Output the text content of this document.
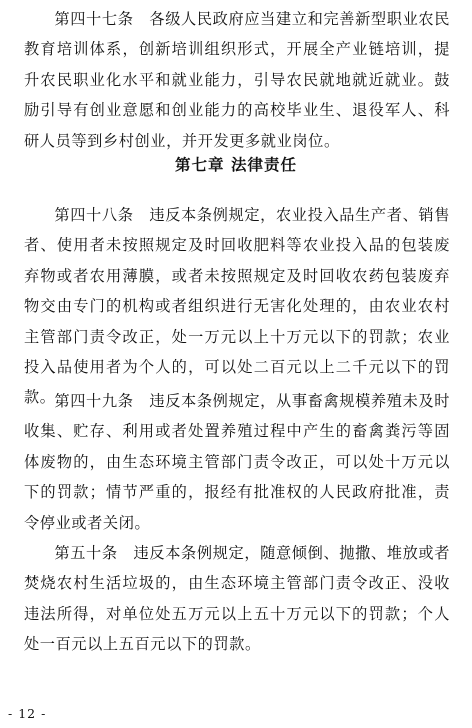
第四十七条  各级人民政府应当建立和完善新型职业农民教育培训体系，创新培训组织形式，开展全产业链培训，提升农民职业化水平和就业能力，引导农民就地就近就业。鼓励引导有创业意愿和创业能力的高校毕业生、退役军人、科研人员等到乡村创业，并开发更多就业岗位。

第七章 法律责任

第四十八条  违反本条例规定，农业投入品生产者、销售者、使用者未按照规定及时回收肥料等农业投入品的包装废弃物或者农用薄膜，或者未按照规定及时回收农药包装废弃物交由专门的机构或者组织进行无害化处理的，由农业农村主管部门责令改正，处一万元以上十万元以下的罚款；农业投入品使用者为个人的，可以处二百元以上二千元以下的罚款。

第四十九条  违反本条例规定，从事畜禽规模养殖未及时收集、贮存、利用或者处置养殖过程中产生的畜禽粪污等固体废物的，由生态环境主管部门责令改正，可以处十万元以下的罚款；情节严重的，报经有批准权的人民政府批准，责令停业或者关闭。

第五十条  违反本条例规定，随意倾倒、抛撒、堆放或者焚烧农村生活垃圾的，由生态环境主管部门责令改正、没收违法所得，对单位处五万元以上五十万元以下的罚款；个人处一百元以上五百元以下的罚款。

- 12 -
